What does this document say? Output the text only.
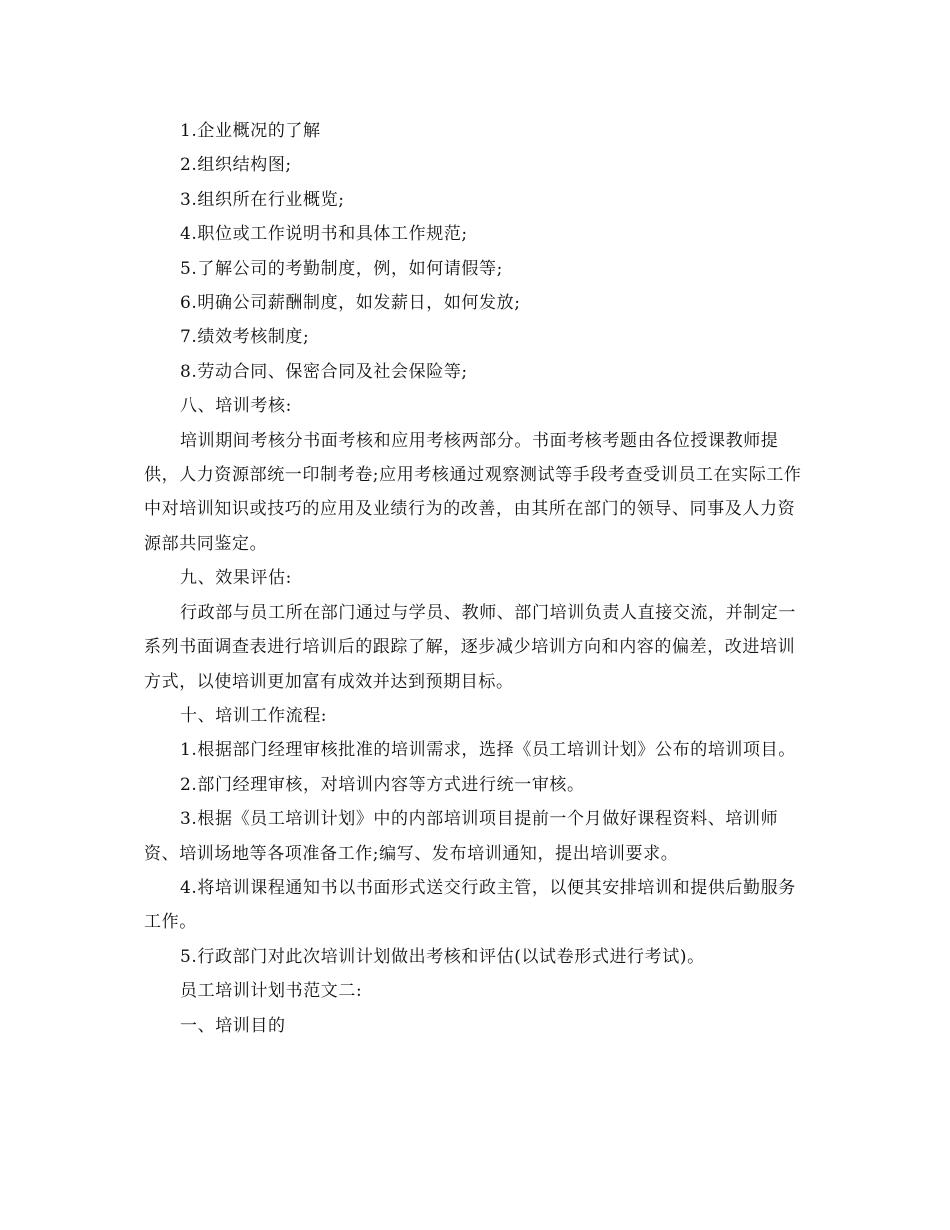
1.企业概况的了解

2.组织结构图;

3.组织所在行业概览;

4.职位或工作说明书和具体工作规范;

5.了解公司的考勤制度，例，如何请假等;

6.明确公司薪酬制度，如发薪日，如何发放;

7.绩效考核制度;

8.劳动合同、保密合同及社会保险等;

八、培训考核:

培训期间考核分书面考核和应用考核两部分。书面考核考题由各位授课教师提供，人力资源部统一印制考卷;应用考核通过观察测试等手段考查受训员工在实际工作中对培训知识或技巧的应用及业绩行为的改善，由其所在部门的领导、同事及人力资源部共同鉴定。

九、效果评估:

行政部与员工所在部门通过与学员、教师、部门培训负责人直接交流，并制定一系列书面调查表进行培训后的跟踪了解，逐步减少培训方向和内容的偏差，改进培训方式，以使培训更加富有成效并达到预期目标。

十、培训工作流程:

1.根据部门经理审核批准的培训需求，选择《员工培训计划》公布的培训项目。

2.部门经理审核，对培训内容等方式进行统一审核。

3.根据《员工培训计划》中的内部培训项目提前一个月做好课程资料、培训师资、培训场地等各项准备工作;编写、发布培训通知，提出培训要求。

4.将培训课程通知书以书面形式送交行政主管，以便其安排培训和提供后勤服务工作。

5.行政部门对此次培训计划做出考核和评估(以试卷形式进行考试)。

员工培训计划书范文二:

一、培训目的
